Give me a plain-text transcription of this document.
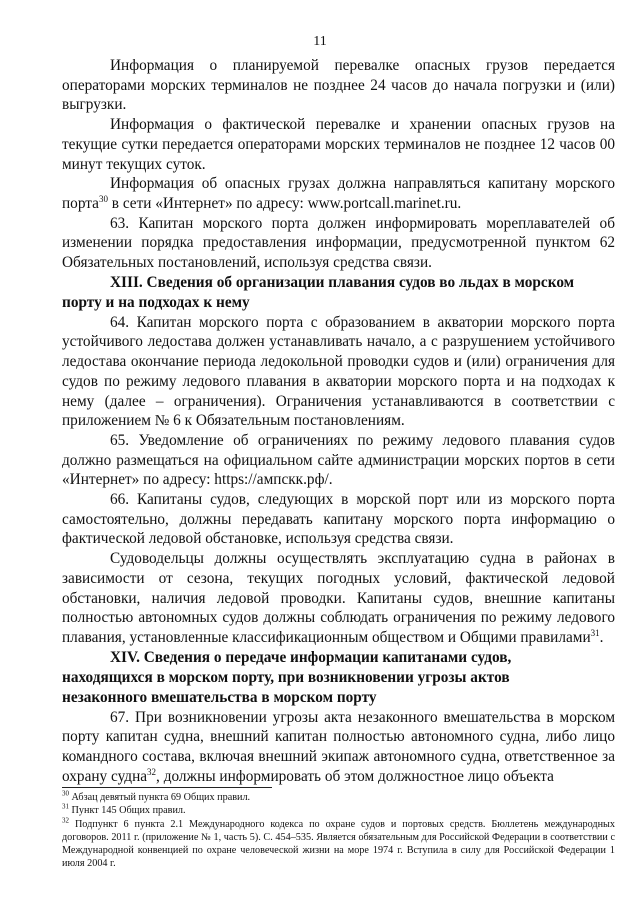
11

Информация о планируемой перевалке опасных грузов передается операторами морских терминалов не позднее 24 часов до начала погрузки и (или) выгрузки.

Информация о фактической перевалке и хранении опасных грузов на текущие сутки передается операторами морских терминалов не позднее 12 часов 00 минут текущих суток.

Информация об опасных грузах должна направляться капитану морского порта$^{30}$ в сети «Интернет» по адресу: www.portcall.marinet.ru.

63. Капитан морского порта должен информировать мореплавателей об изменении порядка предоставления информации, предусмотренной пунктом 62 Обязательных постановлений, используя средства связи.

XIII. Сведения об организации плавания судов во льдах в морском
порту и на подходах к нему

64. Капитан морского порта с образованием в акватории морского порта устойчивого ледостава должен устанавливать начало, а с разрушением устойчивого ледостава окончание периода ледокольной проводки судов и (или) ограничения для судов по режиму ледового плавания в акватории морского порта и на подходах к нему (далее – ограничения). Ограничения устанавливаются в соответствии с приложением № 6 к Обязательным постановлениям.

65. Уведомление об ограничениях по режиму ледового плавания судов должно размещаться на официальном сайте администрации морских портов в сети «Интернет» по адресу: https://ампскк.рф/.

66. Капитаны судов, следующих в морской порт или из морского порта самостоятельно, должны передавать капитану морского порта информацию о фактической ледовой обстановке, используя средства связи.

Судоводельцы должны осуществлять эксплуатацию судна в районах в зависимости от сезона, текущих погодных условий, фактической ледовой обстановки, наличия ледовой проводки. Капитаны судов, внешние капитаны полностью автономных судов должны соблюдать ограничения по режиму ледового плавания, установленные классификационным обществом и Общими правилами$^{31}$.

XIV. Сведения о передаче информации капитанами судов,
находящихся в морском порту, при возникновении угрозы актов
незаконного вмешательства в морском порту

67. При возникновении угрозы акта незаконного вмешательства в морском порту капитан судна, внешний капитан полностью автономного судна, либо лицо командного состава, включая внешний экипаж автономного судна, ответственное за охрану судна$^{32}$, должны информировать об этом должностное лицо объекта

$^{30}$ Абзац девятый пункта 69 Общих правил.

$^{31}$ Пункт 145 Общих правил.

$^{32}$ Подпункт 6 пункта 2.1 Международного кодекса по охране судов и портовых средств. Бюллетень международных договоров. 2011 г. (приложение № 1, часть 5). С. 454–535. Является обязательным для Российской Федерации в соответствии с Международной конвенцией по охране человеческой жизни на море 1974 г. Вступила в силу для Российской Федерации 1 июля 2004 г.
